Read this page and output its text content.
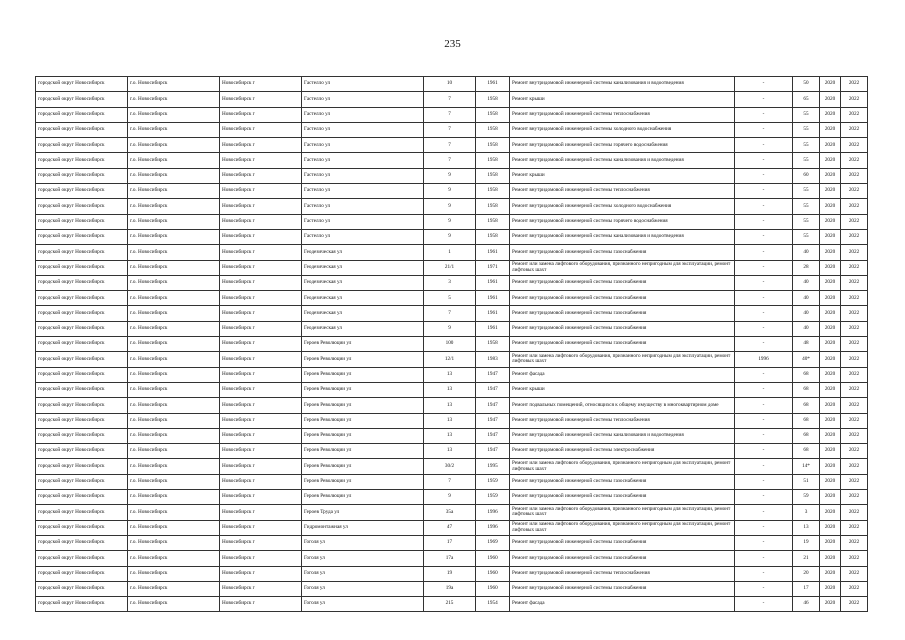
235
городской округ Новосибирск	г.о. Новосибирск	Новосибирск г	Гастелло ул	10	1961	Ремонт внутридомовой инженерной системы канализования и водоотведения	-	50	2020	2022
городской округ Новосибирск	г.о. Новосибирск	Новосибирск г	Гастелло ул	7	1958	Ремонт крыши	-	65	2020	2022
городской округ Новосибирск	г.о. Новосибирск	Новосибирск г	Гастелло ул	7	1958	Ремонт внутридомовой инженерной системы теплоснабжения	-	55	2020	2022
городской округ Новосибирск	г.о. Новосибирск	Новосибирск г	Гастелло ул	7	1958	Ремонт внутридомовой инженерной системы холодного водоснабжения	-	55	2020	2022
городской округ Новосибирск	г.о. Новосибирск	Новосибирск г	Гастелло ул	7	1958	Ремонт внутридомовой инженерной системы горячего водоснабжения	-	55	2020	2022
городской округ Новосибирск	г.о. Новосибирск	Новосибирск г	Гастелло ул	7	1958	Ремонт внутридомовой инженерной системы канализования и водоотведения	-	55	2020	2022
городской округ Новосибирск	г.о. Новосибирск	Новосибирск г	Гастелло ул	9	1958	Ремонт крыши	-	60	2020	2022
городской округ Новосибирск	г.о. Новосибирск	Новосибирск г	Гастелло ул	9	1958	Ремонт внутридомовой инженерной системы теплоснабжения	-	55	2020	2022
городской округ Новосибирск	г.о. Новосибирск	Новосибирск г	Гастелло ул	9	1958	Ремонт внутридомовой инженерной системы холодного водоснабжения	-	55	2020	2022
городской округ Новосибирск	г.о. Новосибирск	Новосибирск г	Гастелло ул	9	1958	Ремонт внутридомовой инженерной системы горячего водоснабжения	-	55	2020	2022
городской округ Новосибирск	г.о. Новосибирск	Новосибирск г	Гастелло ул	9	1958	Ремонт внутридомовой инженерной системы канализования и водоотведения	-	55	2020	2022
городской округ Новосибирск	г.о. Новосибирск	Новосибирск г	Геодезическая ул	1	1961	Ремонт внутридомовой инженерной системы газоснабжения	-	40	2020	2022
городской округ Новосибирск	г.о. Новосибирск	Новосибирск г	Геодезическая ул	21/1	1971	Ремонт или замена лифтового оборудования, признанного непригодным для эксплуатации, ремонт лифтовых шахт	-	28	2020	2022
городской округ Новосибирск	г.о. Новосибирск	Новосибирск г	Геодезическая ул	3	1961	Ремонт внутридомовой инженерной системы газоснабжения	-	40	2020	2022
городской округ Новосибирск	г.о. Новосибирск	Новосибирск г	Геодезическая ул	5	1961	Ремонт внутридомовой инженерной системы газоснабжения	-	40	2020	2022
городской округ Новосибирск	г.о. Новосибирск	Новосибирск г	Геодезическая ул	7	1961	Ремонт внутридомовой инженерной системы газоснабжения	-	40	2020	2022
городской округ Новосибирск	г.о. Новосибирск	Новосибирск г	Геодезическая ул	9	1961	Ремонт внутридомовой инженерной системы газоснабжения	-	40	2020	2022
городской округ Новосибирск	г.о. Новосибирск	Новосибирск г	Героев Революции ул	100	1958	Ремонт внутридомовой инженерной системы газоснабжения	-	48	2020	2022
городской округ Новосибирск	г.о. Новосибирск	Новосибирск г	Героев Революции ул	12/1	1983	Ремонт или замена лифтового оборудования, признанного непригодным для эксплуатации, ремонт лифтовых шахт	1996	40*	2020	2022
городской округ Новосибирск	г.о. Новосибирск	Новосибирск г	Героев Революции ул	13	1947	Ремонт фасада	-	68	2020	2022
городской округ Новосибирск	г.о. Новосибирск	Новосибирск г	Героев Революции ул	13	1947	Ремонт крыши	-	68	2020	2022
городской округ Новосибирск	г.о. Новосибирск	Новосибирск г	Героев Революции ул	13	1947	Ремонт подвальных помещений, относящихся к общему имуществу в многоквартирном доме	-	68	2020	2022
городской округ Новосибирск	г.о. Новосибирск	Новосибирск г	Героев Революции ул	13	1947	Ремонт внутридомовой инженерной системы теплоснабжения	-	68	2020	2022
городской округ Новосибирск	г.о. Новосибирск	Новосибирск г	Героев Революции ул	13	1947	Ремонт внутридомовой инженерной системы канализования и водоотведения	-	68	2020	2022
городской округ Новосибирск	г.о. Новосибирск	Новосибирск г	Героев Революции ул	13	1947	Ремонт внутридомовой инженерной системы электроснабжения	-	68	2020	2022
городской округ Новосибирск	г.о. Новосибирск	Новосибирск г	Героев Революции ул	30/2	1995	Ремонт или замена лифтового оборудования, признанного непригодным для эксплуатации, ремонт лифтовых шахт	-	14*	2020	2022
городской округ Новосибирск	г.о. Новосибирск	Новосибирск г	Героев Революции ул	7	1959	Ремонт внутридомовой инженерной системы газоснабжения	-	51	2020	2022
городской округ Новосибирск	г.о. Новосибирск	Новосибирск г	Героев Революции ул	9	1959	Ремонт внутридомовой инженерной системы газоснабжения	-	59	2020	2022
городской округ Новосибирск	г.о. Новосибирск	Новосибирск г	Героев Труда ул	35а	1996	Ремонт или замена лифтового оборудования, признанного непригодным для эксплуатации, ремонт лифтовых шахт	-	3	2020	2022
городской округ Новосибирск	г.о. Новосибирск	Новосибирск г	Гидромонтажная ул	47	1996	Ремонт или замена лифтового оборудования, признанного непригодным для эксплуатации, ремонт лифтовых шахт	-	13	2020	2022
городской округ Новосибирск	г.о. Новосибирск	Новосибирск г	Гоголя ул	17	1969	Ремонт внутридомовой инженерной системы газоснабжения	-	19	2020	2022
городской округ Новосибирск	г.о. Новосибирск	Новосибирск г	Гоголя ул	17а	1960	Ремонт внутридомовой инженерной системы газоснабжения	-	21	2020	2022
городской округ Новосибирск	г.о. Новосибирск	Новосибирск г	Гоголя ул	19	1960	Ремонт внутридомовой инженерной системы теплоснабжения	-	20	2020	2022
городской округ Новосибирск	г.о. Новосибирск	Новосибирск г	Гоголя ул	19а	1960	Ремонт внутридомовой инженерной системы газоснабжения	-	17	2020	2022
городской округ Новосибирск	г.о. Новосибирск	Новосибирск г	Гоголя ул	215	1954	Ремонт фасада	-	46	2020	2022
